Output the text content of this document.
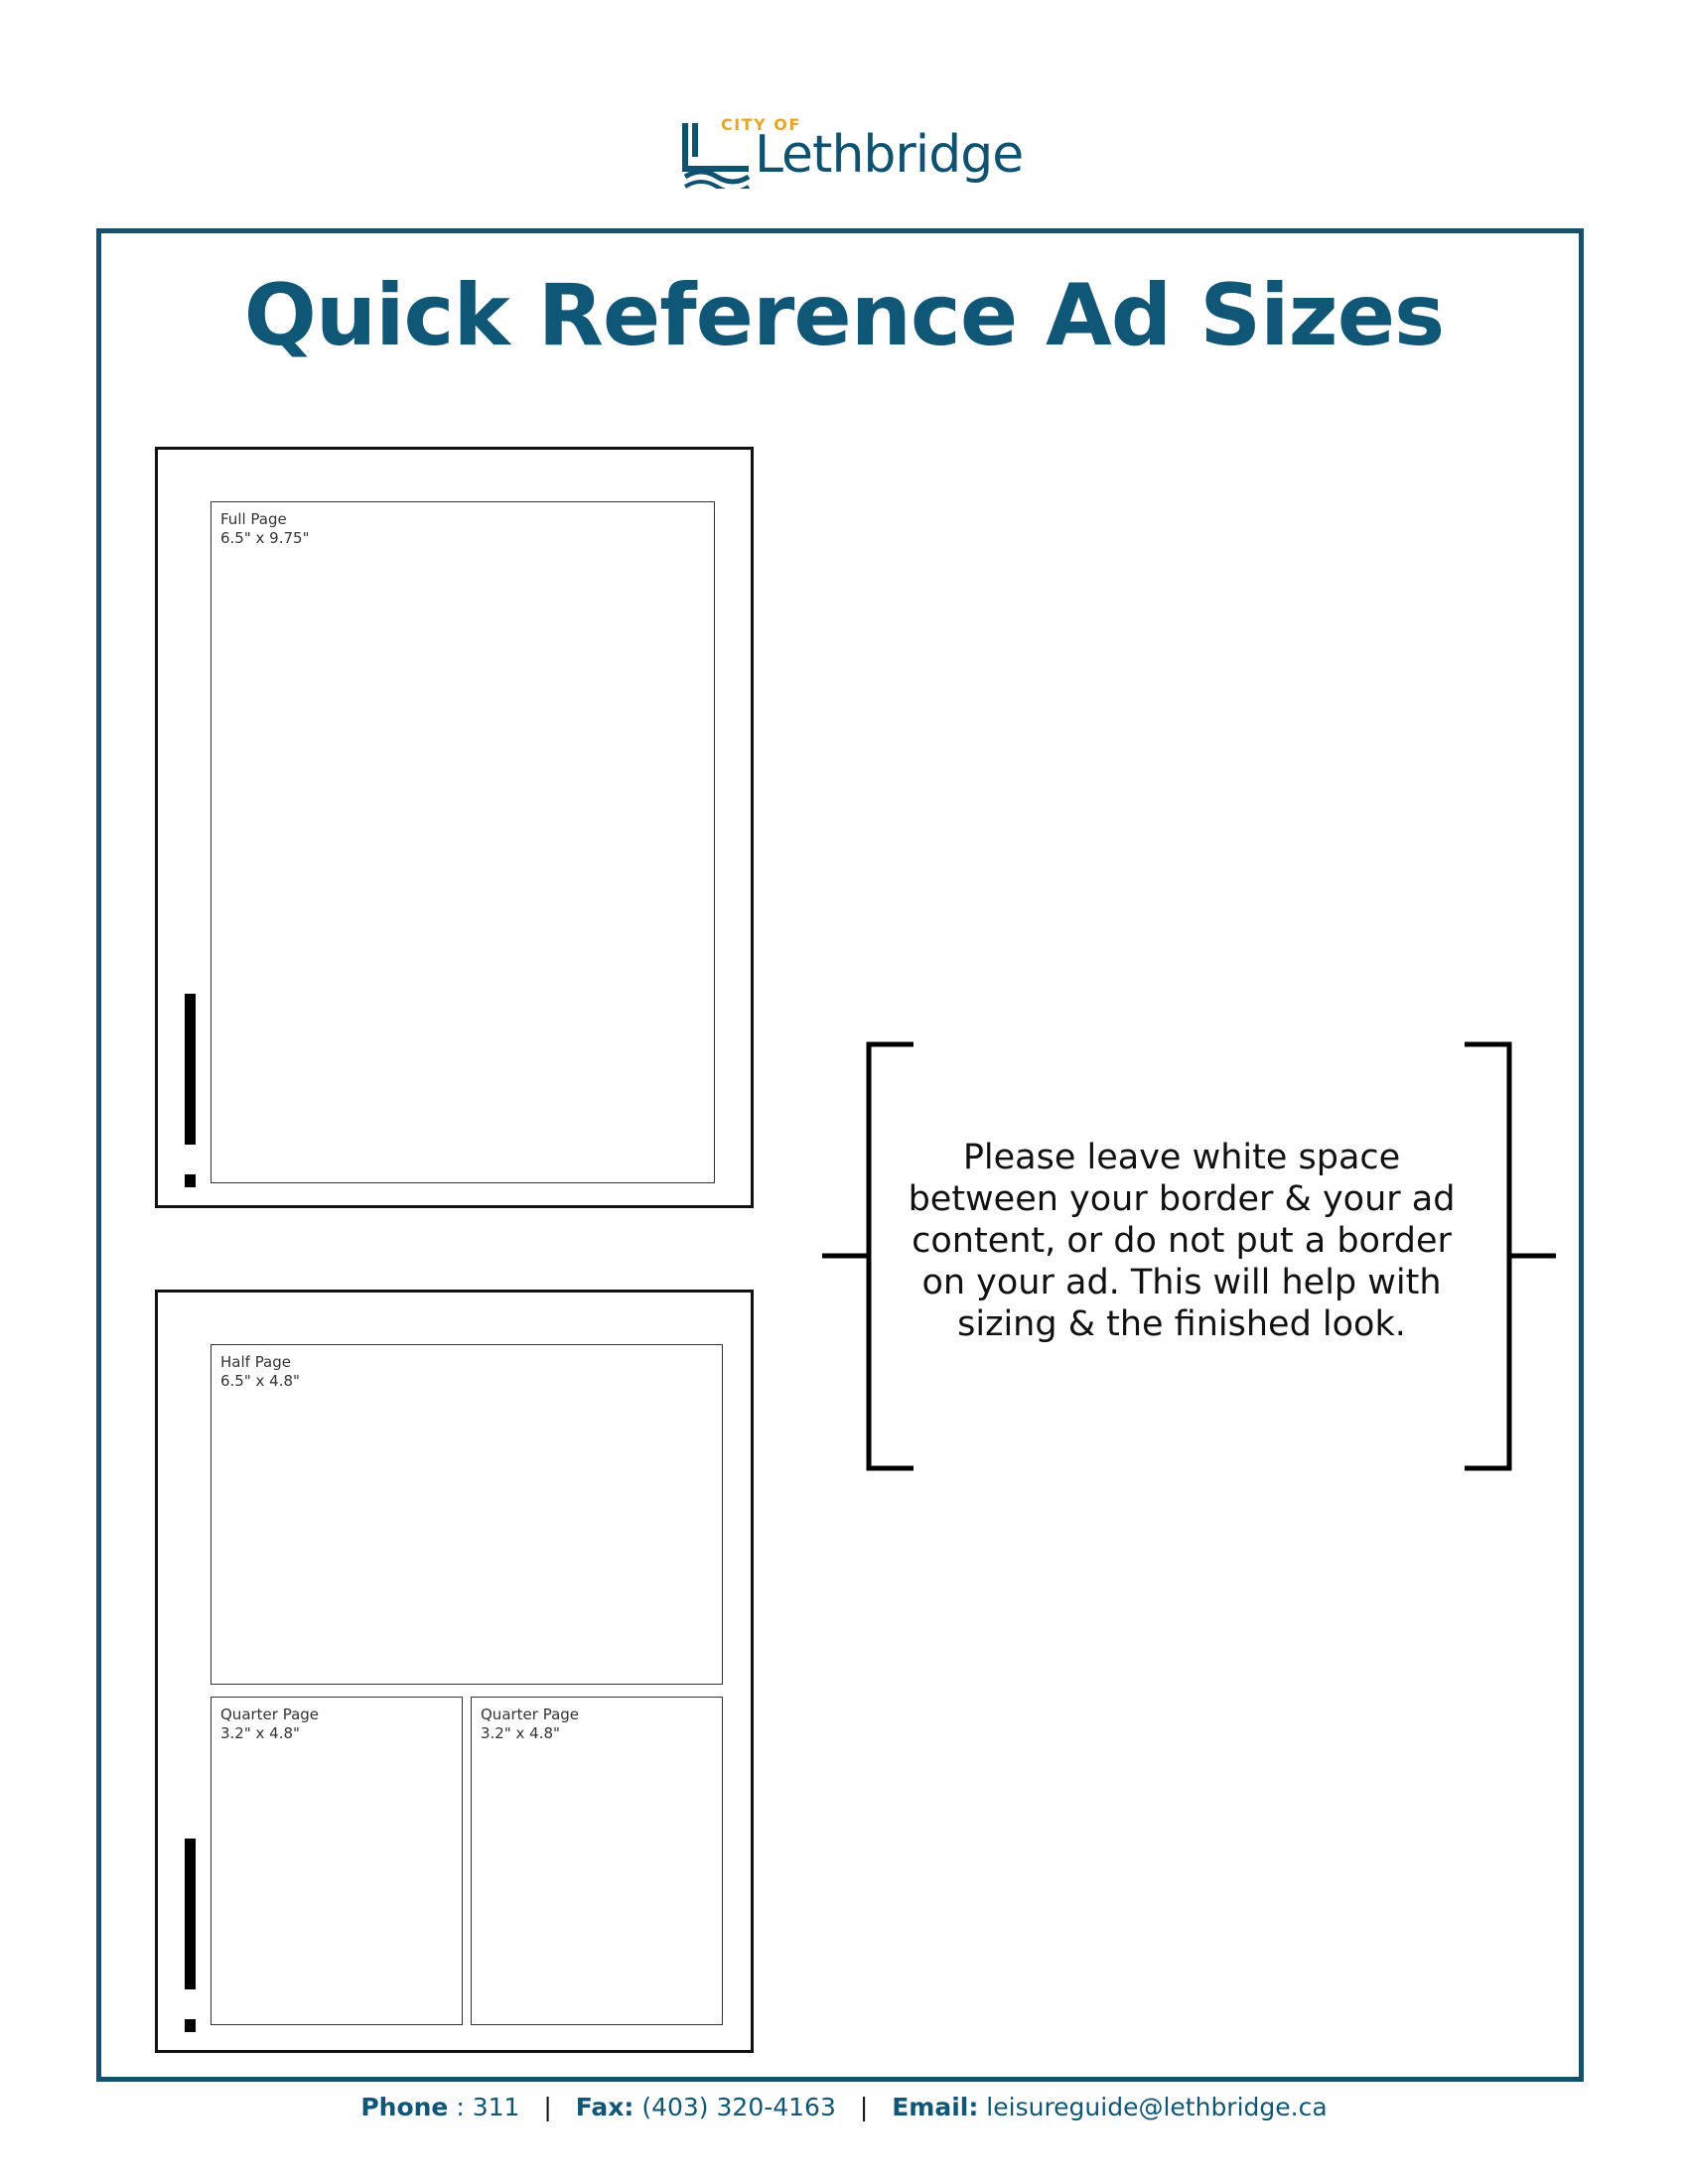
CITY OF
Lethbridge
Quick Reference Ad Sizes
Full Page
6.5" x 9.75"
Half Page
6.5" x 4.8"
Quarter Page
3.2" x 4.8"
Quarter Page
3.2" x 4.8"
Please leave white space between your border & your ad content, or do not put a border on your ad. This will help with sizing & the finished look.
Phone : 311 | Fax: (403) 320-4163 | Email: leisureguide@lethbridge.ca
